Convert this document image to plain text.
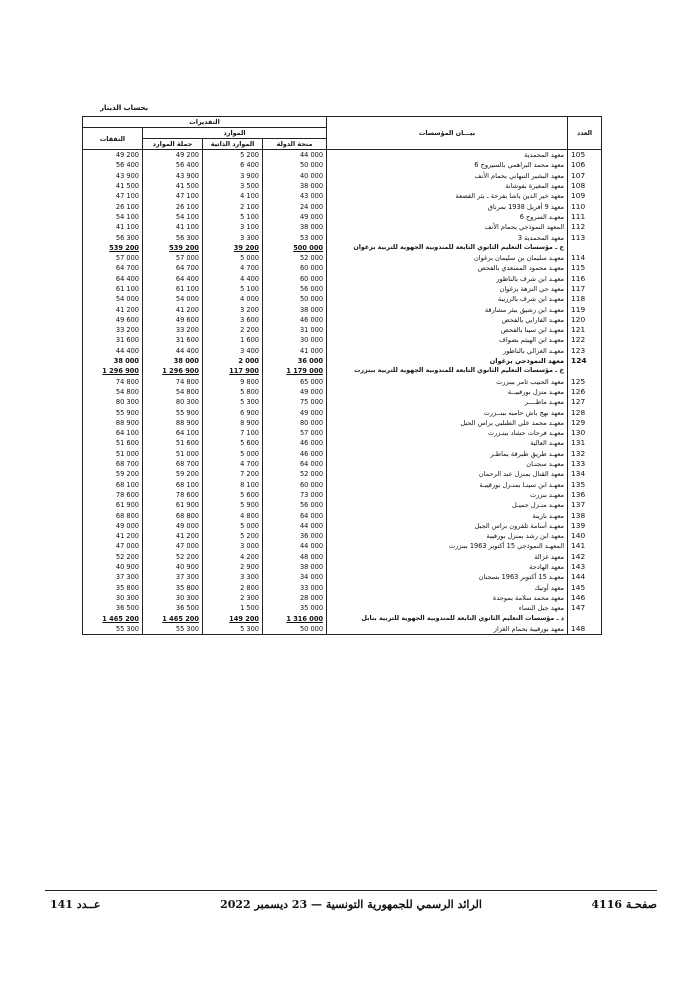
بحساب الدينار
التقديرات				بيـــان المؤسسات	العدد
النفقات	الموارد				
	جملة الموارد	الموارد الذاتية	منحة الدولة		
49 200	49 200	5 200	44 000	معهد المحمدية	105
56 400	56 400	6 400	50 000	معهد محمد البراهمي بالسيروج 6	106
43 900	43 900	3 900	40 000	معهد البشير النبهاني بحمام الأنف	107
41 500	41 500	3 500	38 000	معهد المغيرة بفوشانة	108
47 100	47 100	4 100	43 000	معهد خير الدين باشا بفرحة ـ بئر القصعة	109
26 100	26 100	2 100	24 000	معهد 9 أفريل 1938 بمرناق	110
54 100	54 100	5 100	49 000	معهـد السروج 6	111
41 100	41 100	3 100	38 000	المعهد النموذجي بحمام الأنف	112
56 300	56 300	3 300	53 000	معهد المحمدية 3	113
539 200	539 200	39 200	500 000	ح ـ مؤسسات التعليم الثانوي التابعة للمندوبية الجهوية للتربية بزغوان	
57 000	57 000	5 000	52 000	معهـد سليمان بن سليمان بزغوان	114
64 700	64 700	4 700	60 000	معهـد محمود المسعدي بالفحص	115
64 400	64 400	4 400	60 000	معهـد ابن شرف بالناظور	116
61 100	61 100	5 100	56 000	معهد حي النزهة بزغوان	117
54 000	54 000	4 000	50 000	معهـد ابن شرف بالزريبة	118
41 200	41 200	3 200	38 000	معهـد ابن رشيق ببئر مشارقة	119
49 600	49 600	3 600	46 000	معهـد الفارابي بالفحص	120
33 200	33 200	2 200	31 000	معهـد ابن سينا بالفحص	121
31 600	31 600	1 600	30 000	معهـد ابن الهيثم بصواف	122
44 400	44 400	3 400	41 000	معهـد الغزالي بالناظور	123
38 000	38 000	2 000	36 000	معهد النموذجي بزغوان	124
1 296 900	1 296 900	117 900	1 179 000	خ ـ مؤسسات التعليم الثانوي التابعة للمندوبية الجهوية للتربية ببنزرت	
74 800	74 800	9 800	65 000	معهد الحبيب ثامر ببنزرت	125
54 800	54 800	5 800	49 000	معهـد منزل بورقيبــة	126
80 300	80 300	5 300	75 000	معهـد ماطــــر	127
55 900	55 900	6 900	49 000	معهد نهج باش حامبه ببنــزرت	128
88 900	88 900	8 900	80 000	معهـد محمد علي الطبلبي براس الجبل	129
64 100	64 100	7 100	57 000	معهـد فرحات حشاد ببنـزرت	130
51 600	51 600	5 600	46 000	معهـد العالية	131
51 000	51 000	5 000	46 000	معهـد طريق طبرقة بماطـر	132
68 700	68 700	4 700	64 000	معهـد سجنـان	133
59 200	59 200	7 200	52 000	معهد القنال بمنزل عبد الرحمان	134
68 100	68 100	8 100	60 000	معهـد ابن سينـا بمنـزل بورقيبـة	135
78 600	78 600	5 600	73 000	معهـد بنزرت	136
61 900	61 900	5 900	56 000	معهـد منـزل جميـل	137
68 800	68 800	4 800	64 000	معهـد بازينة	138
49 000	49 000	5 000	44 000	معهـد أسامة ثلقرون براس الجبل	139
41 200	41 200	5 200	36 000	معهد ابن رشد بمنزل بورقيبة	140
47 000	47 000	3 000	44 000	المعهـد النموذجي 15 أكتوبر 1963 ببنزرت	141
52 200	52 200	4 200	48 000	معهد غزالة	142
40 900	40 900	2 900	38 000	معهد الهادجة	143
37 300	37 300	3 300	34 000	معهـد 15 أكتوبر 1963 بسجنان	144
35 800	35 800	2 800	33 000	معهد أوتيك	145
30 300	30 300	2 300	28 000	معهد محمد سلامة بموجدة	146
36 500	36 500	1 500	35 000	معهد جبل النساء	147
1 465 200	1 465 200	149 200	1 316 000	د ـ مؤسسات التعليم الثانوي التابعة للمندوبية الجهوية للتربية بنابل	
55 300	55 300	5 300	50 000	معهد بورقيبة بحمام الغزاز	148
عــدد 141	الرائد الرسمي للجمهورية التونسية — 23 ديسمبر 2022	صفحـة 4116
